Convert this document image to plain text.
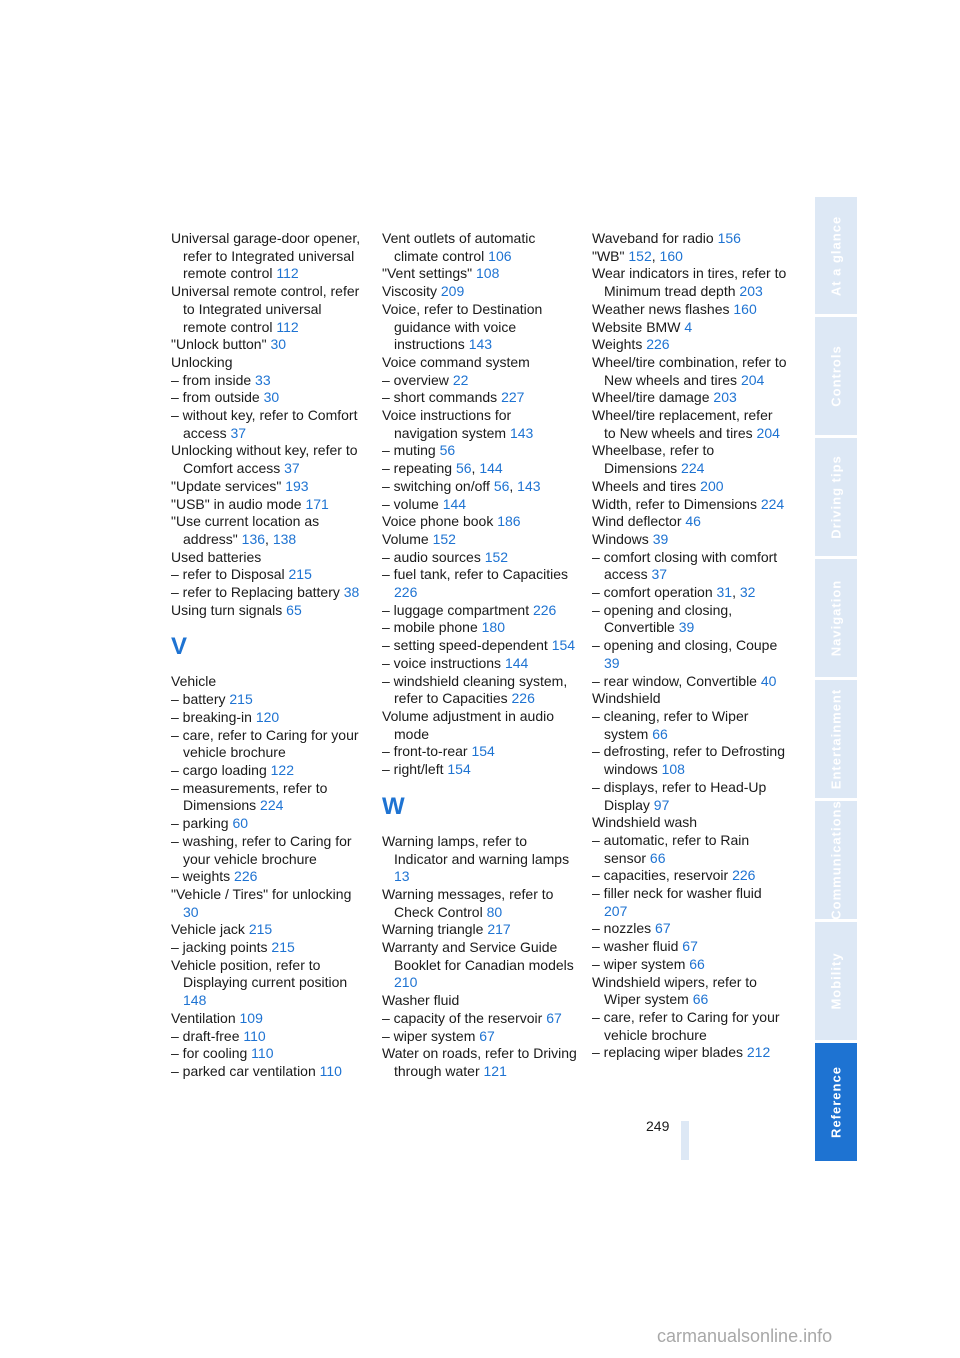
Universal garage-door opener, refer to Integrated universal remote control 112
Universal remote control, refer to Integrated universal remote control 112
"Unlock button" 30
Unlocking
– from inside 33
– from outside 30
– without key, refer to Comfort access 37
Unlocking without key, refer to Comfort access 37
"Update services" 193
"USB" in audio mode 171
"Use current location as address" 136, 138
Used batteries
– refer to Disposal 215
– refer to Replacing battery 38
Using turn signals 65
V
Vehicle
– battery 215
– breaking-in 120
– care, refer to Caring for your vehicle brochure
– cargo loading 122
– measurements, refer to Dimensions 224
– parking 60
– washing, refer to Caring for your vehicle brochure
– weights 226
"Vehicle / Tires" for unlocking 30
Vehicle jack 215
– jacking points 215
Vehicle position, refer to Displaying current position 148
Ventilation 109
– draft-free 110
– for cooling 110
– parked car ventilation 110
Vent outlets of automatic climate control 106
"Vent settings" 108
Viscosity 209
Voice, refer to Destination guidance with voice instructions 143
Voice command system
– overview 22
– short commands 227
Voice instructions for navigation system 143
– muting 56
– repeating 56, 144
– switching on/off 56, 143
– volume 144
Voice phone book 186
Volume 152
– audio sources 152
– fuel tank, refer to Capacities 226
– luggage compartment 226
– mobile phone 180
– setting speed-dependent 154
– voice instructions 144
– windshield cleaning system, refer to Capacities 226
Volume adjustment in audio mode
– front-to-rear 154
– right/left 154
W
Warning lamps, refer to Indicator and warning lamps 13
Warning messages, refer to Check Control 80
Warning triangle 217
Warranty and Service Guide Booklet for Canadian models 210
Washer fluid
– capacity of the reservoir 67
– wiper system 67
Water on roads, refer to Driving through water 121
Waveband for radio 156
"WB" 152, 160
Wear indicators in tires, refer to Minimum tread depth 203
Weather news flashes 160
Website BMW 4
Weights 226
Wheel/tire combination, refer to New wheels and tires 204
Wheel/tire damage 203
Wheel/tire replacement, refer to New wheels and tires 204
Wheelbase, refer to Dimensions 224
Wheels and tires 200
Width, refer to Dimensions 224
Wind deflector 46
Windows 39
– comfort closing with comfort access 37
– comfort operation 31, 32
– opening and closing, Convertible 39
– opening and closing, Coupe 39
– rear window, Convertible 40
Windshield
– cleaning, refer to Wiper system 66
– defrosting, refer to Defrosting windows 108
– displays, refer to Head-Up Display 97
Windshield wash
– automatic, refer to Rain sensor 66
– capacities, reservoir 226
– filler neck for washer fluid 207
– nozzles 67
– washer fluid 67
– wiper system 66
Windshield wipers, refer to Wiper system 66
– care, refer to Caring for your vehicle brochure
– replacing wiper blades 212
At a glance
Controls
Driving tips
Navigation
Entertainment
Communications
Mobility
Reference
249
carmanualsonline.info
